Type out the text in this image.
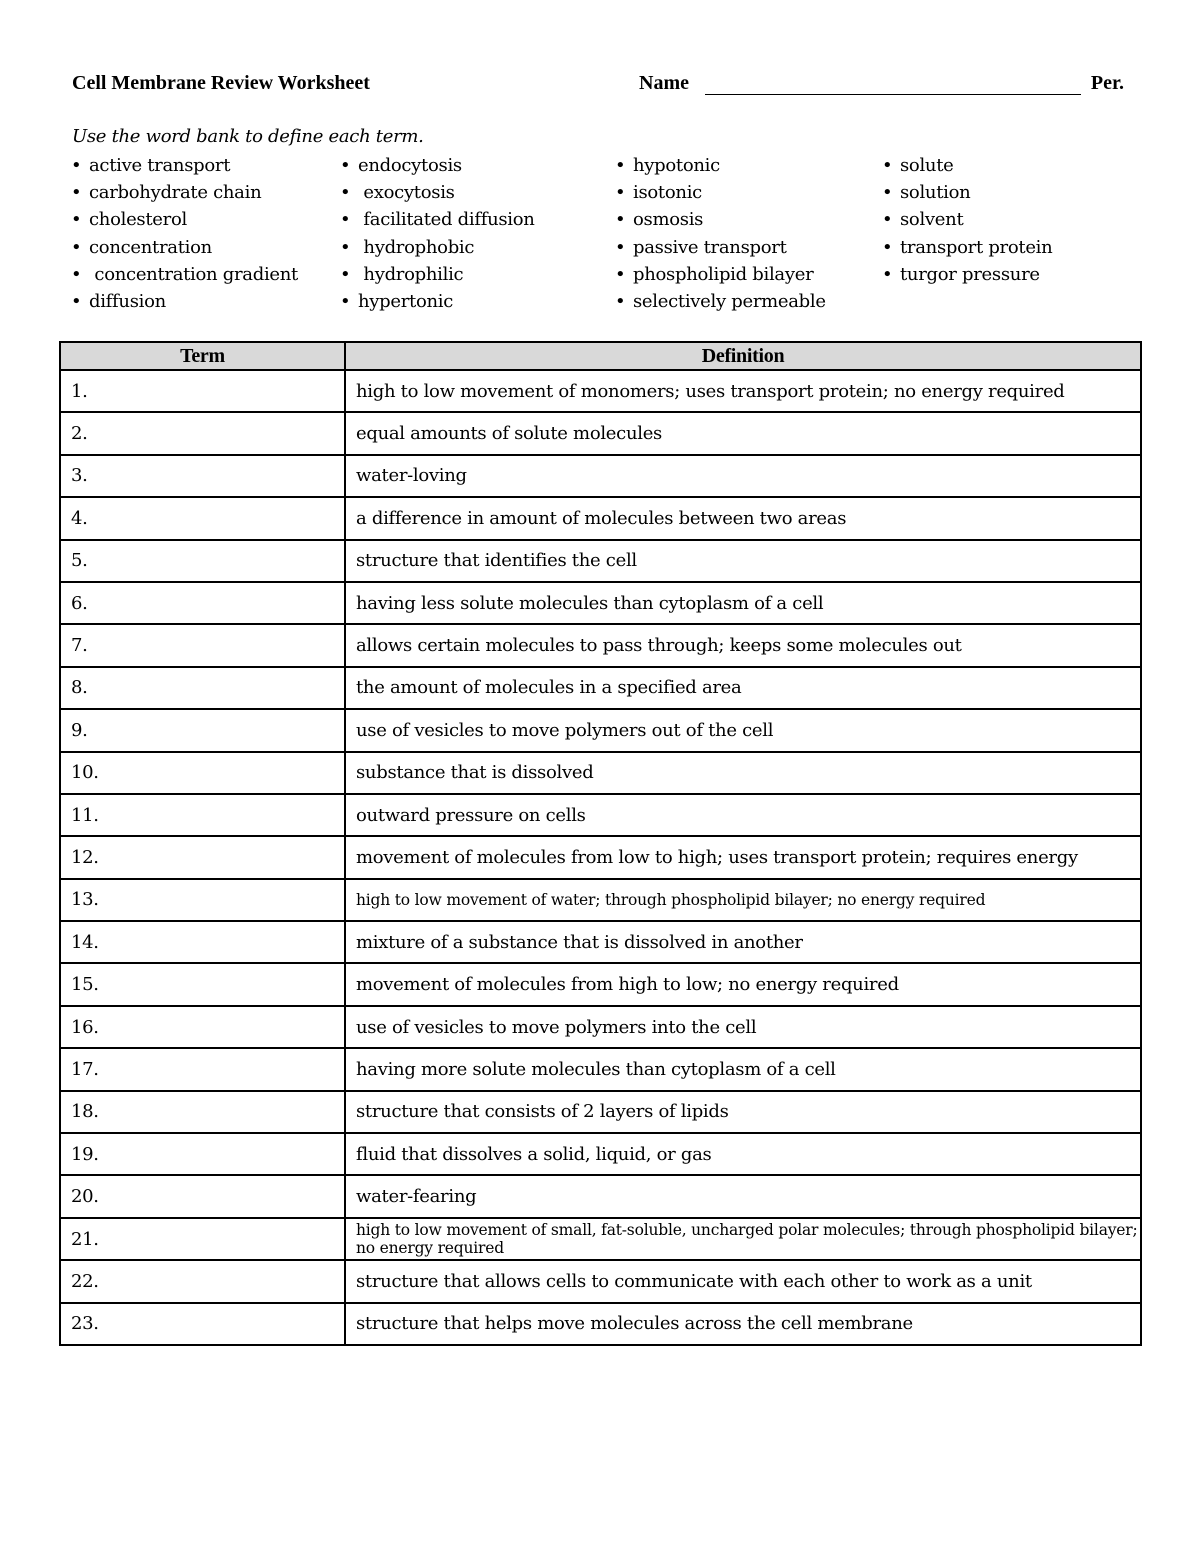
Cell Membrane Review Worksheet	Name	Per.
Use the word bank to define each term.
• active transport
• carbohydrate chain
• cholesterol
• concentration
• concentration gradient
• diffusion
• endocytosis
• exocytosis
• facilitated diffusion
• hydrophobic
• hydrophilic
• hypertonic
• hypotonic
• isotonic
• osmosis
• passive transport
• phospholipid bilayer
• selectively permeable
• solute
• solution
• solvent
• transport protein
• turgor pressure
Term	Definition
1.	high to low movement of monomers; uses transport protein; no energy required
2.	equal amounts of solute molecules
3.	water-loving
4.	a difference in amount of molecules between two areas
5.	structure that identifies the cell
6.	having less solute molecules than cytoplasm of a cell
7.	allows certain molecules to pass through; keeps some molecules out
8.	the amount of molecules in a specified area
9.	use of vesicles to move polymers out of the cell
10.	substance that is dissolved
11.	outward pressure on cells
12.	movement of molecules from low to high; uses transport protein; requires energy
13.	high to low movement of water; through phospholipid bilayer; no energy required
14.	mixture of a substance that is dissolved in another
15.	movement of molecules from high to low; no energy required
16.	use of vesicles to move polymers into the cell
17.	having more solute molecules than cytoplasm of a cell
18.	structure that consists of 2 layers of lipids
19.	fluid that dissolves a solid, liquid, or gas
20.	water-fearing
21.	high to low movement of small, fat-soluble, uncharged polar molecules; through phospholipid bilayer; no energy required
22.	structure that allows cells to communicate with each other to work as a unit
23.	structure that helps move molecules across the cell membrane
